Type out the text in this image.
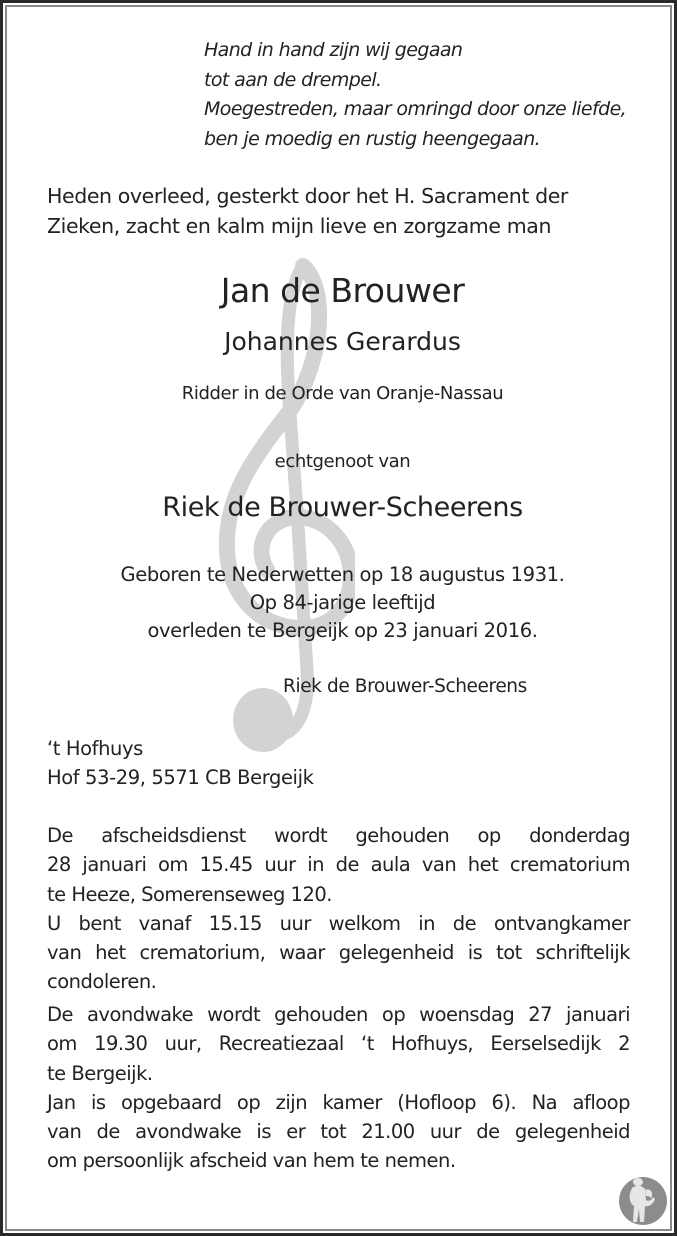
Hand in hand zijn wij gegaan
tot aan de drempel.
Moegestreden, maar omringd door onze liefde,
ben je moedig en rustig heengegaan.
Heden overleed, gesterkt door het H. Sacrament der
Zieken, zacht en kalm mijn lieve en zorgzame man
Jan de Brouwer
Johannes Gerardus
Ridder in de Orde van Oranje-Nassau
echtgenoot van
Riek de Brouwer-Scheerens
Geboren te Nederwetten op 18 augustus 1931.
Op 84-jarige leeftijd
overleden te Bergeijk op 23 januari 2016.
Riek de Brouwer-Scheerens
‘t Hofhuys
Hof 53-29, 5571 CB Bergeijk
De afscheidsdienst wordt gehouden op donderdag
28 januari om 15.45 uur in de aula van het crematorium
te Heeze, Somerenseweg 120.
U bent vanaf 15.15 uur welkom in de ontvangkamer
van het crematorium, waar gelegenheid is tot schriftelijk
condoleren.
De avondwake wordt gehouden op woensdag 27 januari
om 19.30 uur, Recreatiezaal ‘t Hofhuys, Eerselsedijk 2
te Bergeijk.
Jan is opgebaard op zijn kamer (Hofloop 6). Na afloop
van de avondwake is er tot 21.00 uur de gelegenheid
om persoonlijk afscheid van hem te nemen.
